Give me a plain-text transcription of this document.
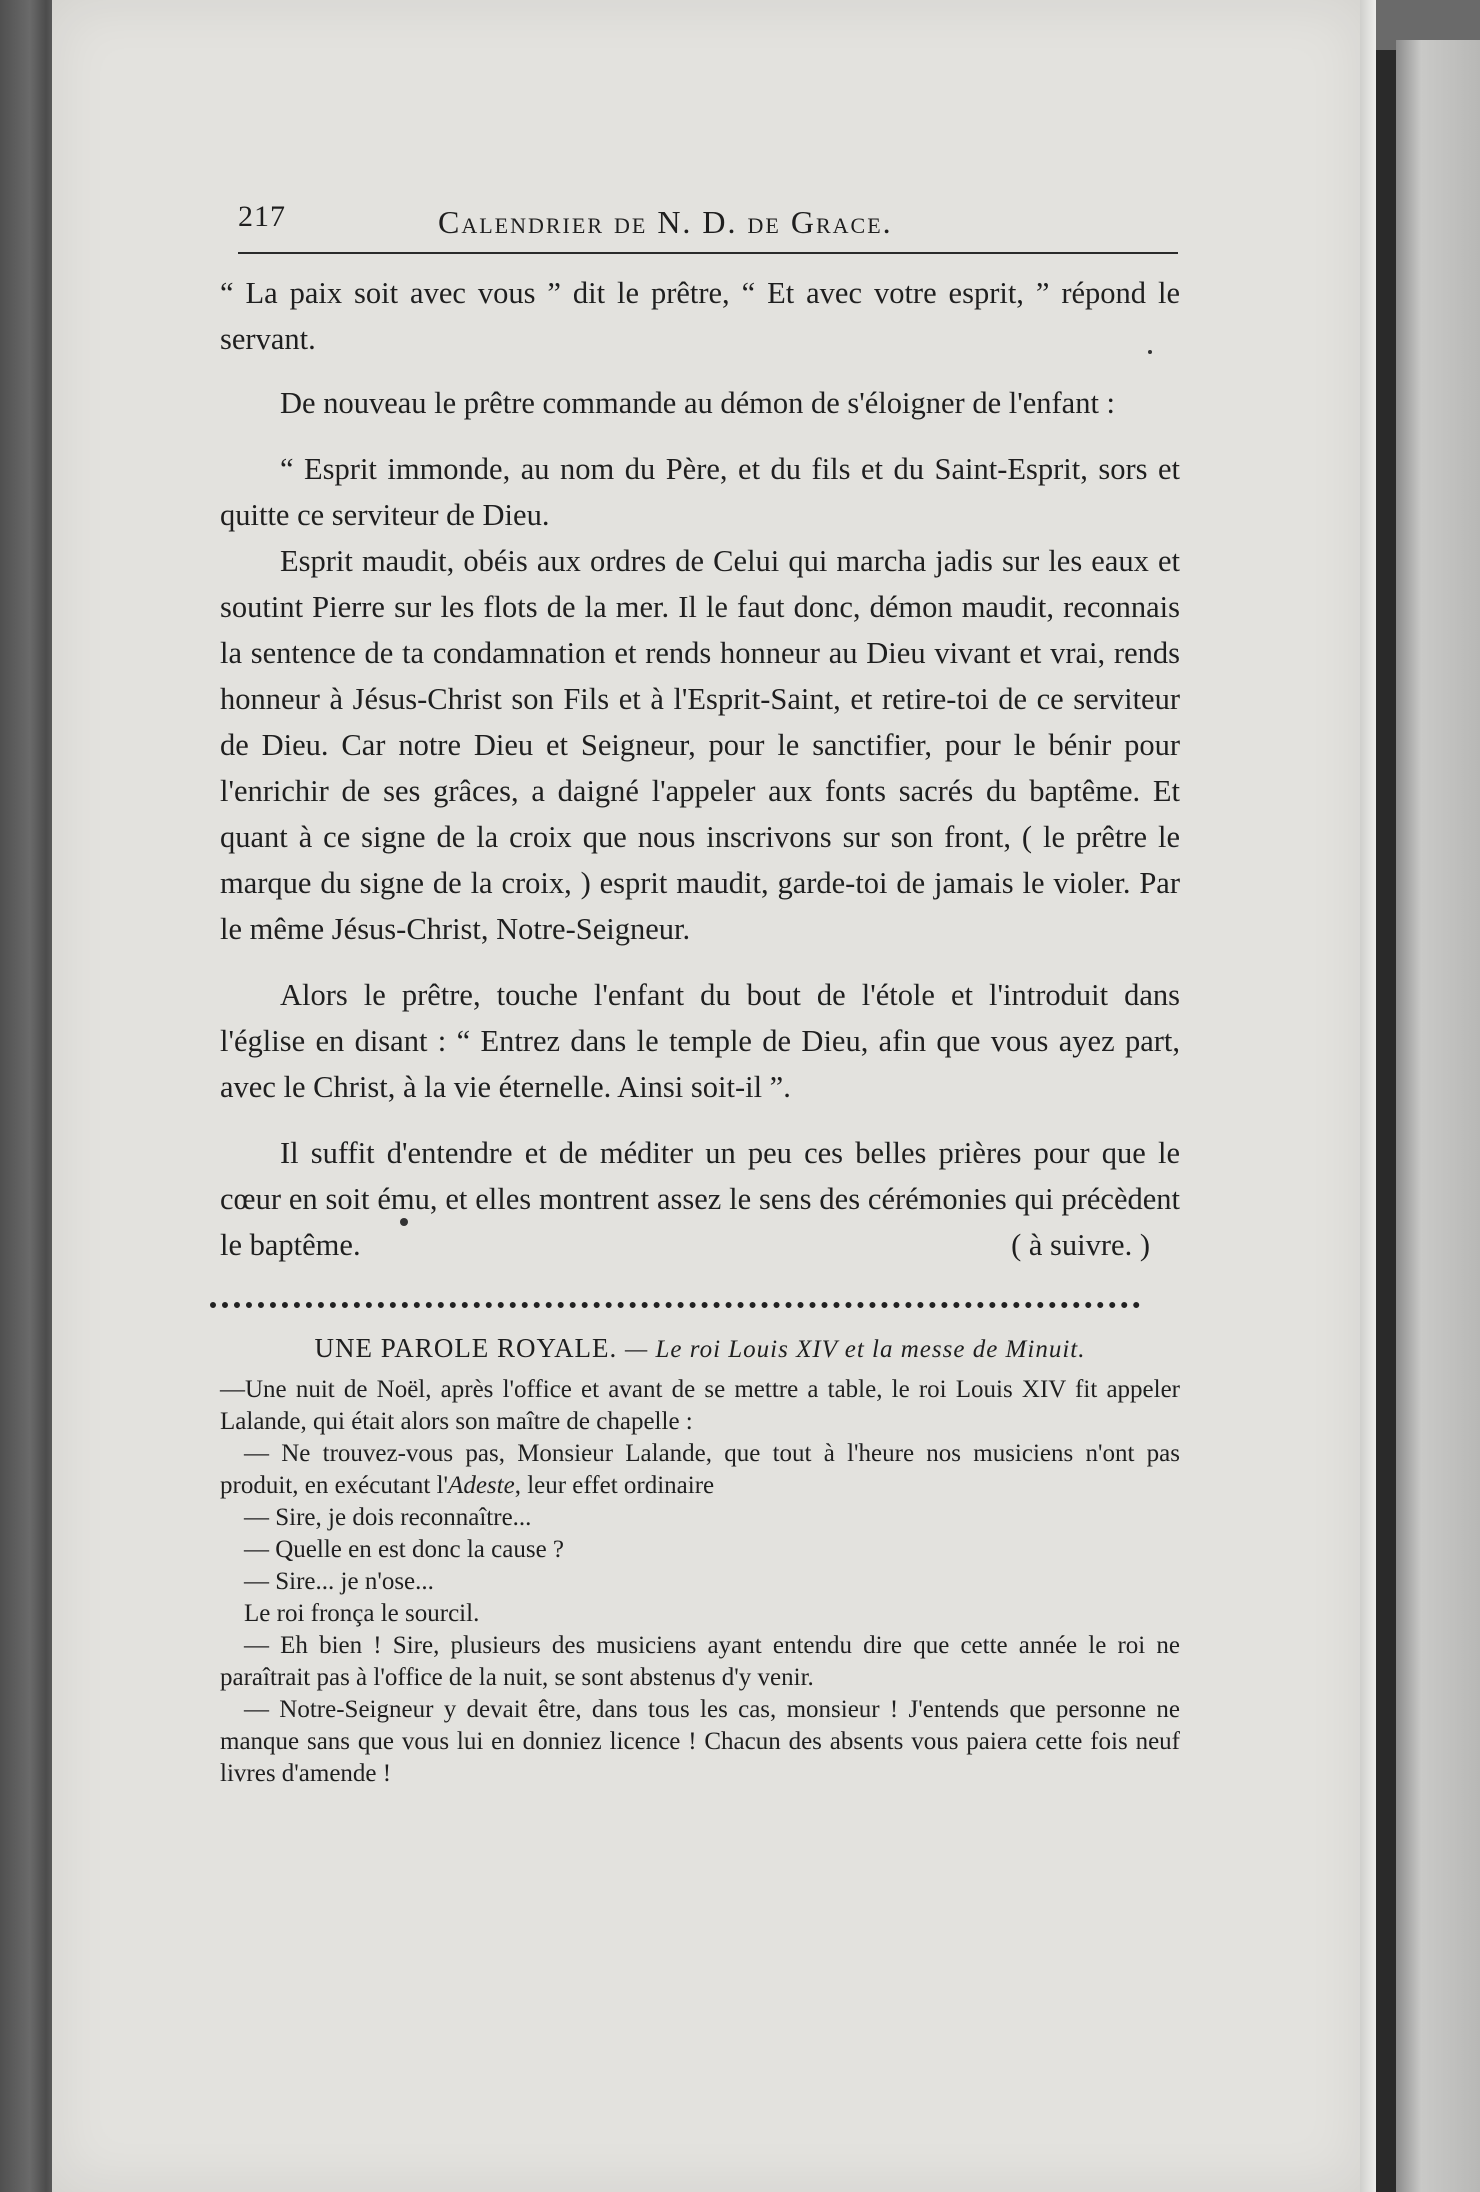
217	Calendrier de N. D. de Grace.

“ La paix soit avec vous ” dit le prêtre, “ Et avec votre esprit, ” répond le servant.

De nouveau le prêtre commande au démon de s'éloigner de l'enfant :

“ Esprit immonde, au nom du Père, et du fils et du Saint-Esprit, sors et quitte ce serviteur de Dieu.

Esprit maudit, obéis aux ordres de Celui qui marcha jadis sur les eaux et soutint Pierre sur les flots de la mer. Il le faut donc, démon maudit, reconnais la sentence de ta condamnation et rends honneur au Dieu vivant et vrai, rends honneur à Jésus-Christ son Fils et à l'Esprit-Saint, et retire-toi de ce serviteur de Dieu. Car notre Dieu et Seigneur, pour le sanctifier, pour le bénir pour l'enrichir de ses grâces, a daigné l'appeler aux fonts sacrés du baptême. Et quant à ce signe de la croix que nous inscrivons sur son front, ( le prêtre le marque du signe de la croix, ) esprit maudit, garde-toi de jamais le violer. Par le même Jésus-Christ, Notre-Seigneur.

Alors le prêtre, touche l'enfant du bout de l'étole et l'introduit dans l'église en disant : “ Entrez dans le temple de Dieu, afin que vous ayez part, avec le Christ, à la vie éternelle. Ainsi soit-il ”.

Il suffit d'entendre et de méditer un peu ces belles prières pour que le cœur en soit ému, et elles montrent assez le sens des cérémonies qui précèdent le baptême.	( à suivre. )

UNE PAROLE ROYALE. — Le roi Louis XIV et la messe de Minuit.

—Une nuit de Noël, après l'office et avant de se mettre a table, le roi Louis XIV fit appeler Lalande, qui était alors son maître de chapelle :

— Ne trouvez-vous pas, Monsieur Lalande, que tout à l'heure nos musiciens n'ont pas produit, en exécutant l'Adeste, leur effet ordinaire

— Sire, je dois reconnaître...

— Quelle en est donc la cause ?

— Sire... je n'ose...

Le roi fronça le sourcil.

— Eh bien ! Sire, plusieurs des musiciens ayant entendu dire que cette année le roi ne paraîtrait pas à l'office de la nuit, se sont abstenus d'y venir.

— Notre-Seigneur y devait être, dans tous les cas, monsieur ! J'entends que personne ne manque sans que vous lui en donniez licence ! Chacun des absents vous paiera cette fois neuf livres d'amende !
